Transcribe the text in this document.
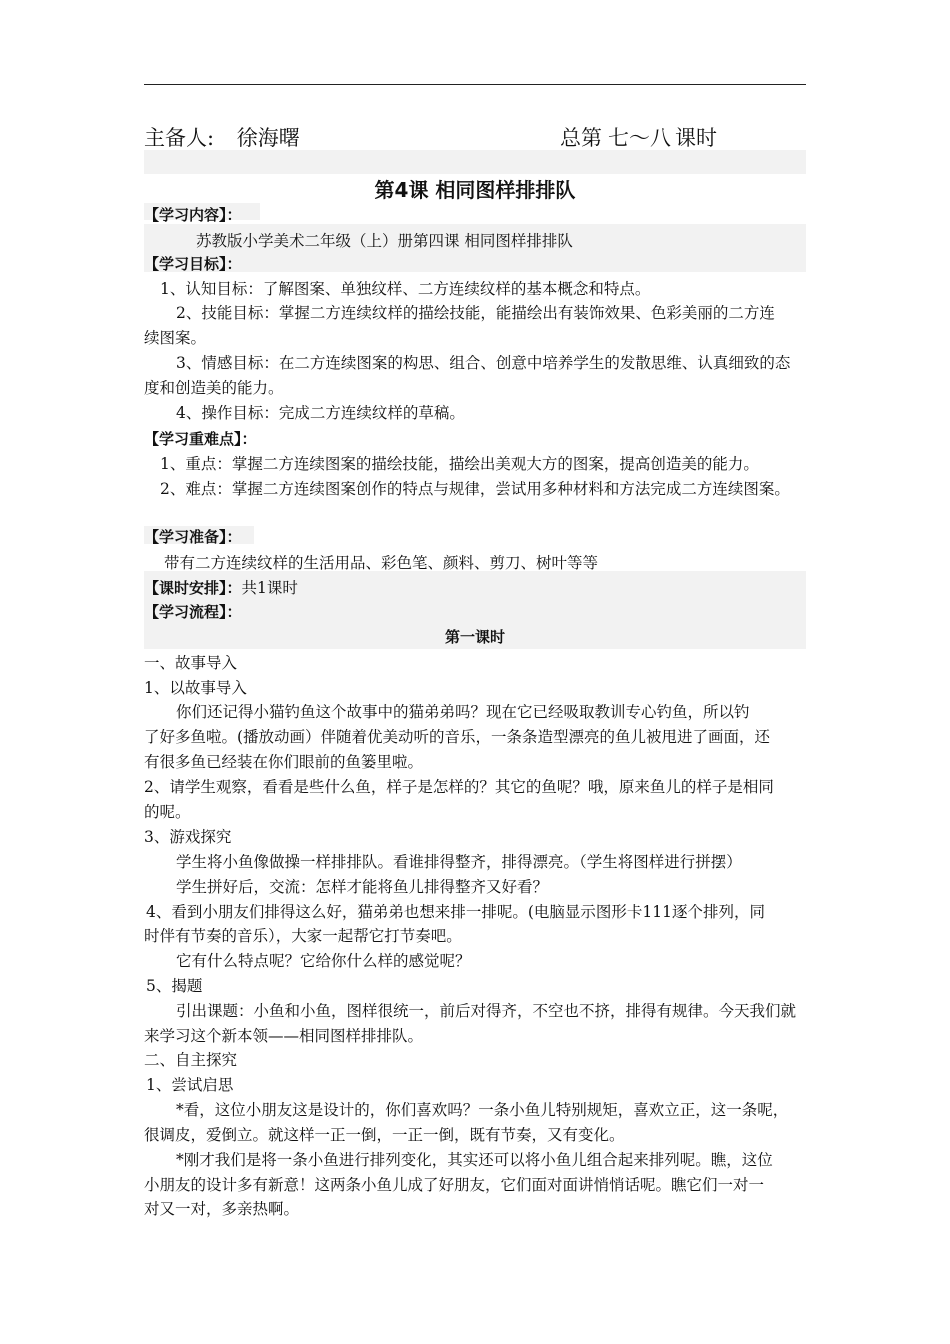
主备人: 徐海曙	总第 七～八 课时
第4课 相同图样排排队
【学习内容】：
苏教版小学美术二年级（上）册第四课 相同图样排排队
【学习目标】：
1、认知目标：了解图案、单独纹样、二方连续纹样的基本概念和特点。
2、技能目标：掌握二方连续纹样的描绘技能，能描绘出有装饰效果、色彩美丽的二方连
续图案。
3、情感目标：在二方连续图案的构思、组合、创意中培养学生的发散思维、认真细致的态
度和创造美的能力。
4、操作目标：完成二方连续纹样的草稿。
【学习重难点】：
1、重点：掌握二方连续图案的描绘技能，描绘出美观大方的图案，提高创造美的能力。
2、难点：掌握二方连续图案创作的特点与规律，尝试用多种材料和方法完成二方连续图案。
【学习准备】：
带有二方连续纹样的生活用品、彩色笔、颜料、剪刀、树叶等等
【课时安排】：共1课时
【学习流程】：
第一课时
一、故事导入
1、以故事导入
你们还记得小猫钓鱼这个故事中的猫弟弟吗？现在它已经吸取教训专心钓鱼，所以钓
了好多鱼啦。(播放动画）伴随着优美动听的音乐，一条条造型漂亮的鱼儿被甩进了画面，还
有很多鱼已经装在你们眼前的鱼篓里啦。
2、请学生观察，看看是些什么鱼，样子是怎样的？其它的鱼呢？哦，原来鱼儿的样子是相同
的呢。
3、游戏探究
学生将小鱼像做操一样排排队。看谁排得整齐，排得漂亮。（学生将图样进行拼摆）
学生拼好后，交流：怎样才能将鱼儿排得整齐又好看？
4、看到小朋友们排得这么好，猫弟弟也想来排一排呢。(电脑显示图形卡111逐个排列，同
时伴有节奏的音乐），大家一起帮它打节奏吧。
它有什么特点呢？它给你什么样的感觉呢？
5、揭题
引出课题：小鱼和小鱼，图样很统一，前后对得齐，不空也不挤，排得有规律。今天我们就
来学习这个新本领——相同图样排排队。
二、自主探究
1、尝试启思
*看，这位小朋友这是设计的，你们喜欢吗？一条小鱼儿特别规矩，喜欢立正，这一条呢，
很调皮，爱倒立。就这样一正一倒，一正一倒，既有节奏，又有变化。
*刚才我们是将一条小鱼进行排列变化，其实还可以将小鱼儿组合起来排列呢。瞧，这位
小朋友的设计多有新意！这两条小鱼儿成了好朋友，它们面对面讲悄悄话呢。瞧它们一对一
对又一对，多亲热啊。
